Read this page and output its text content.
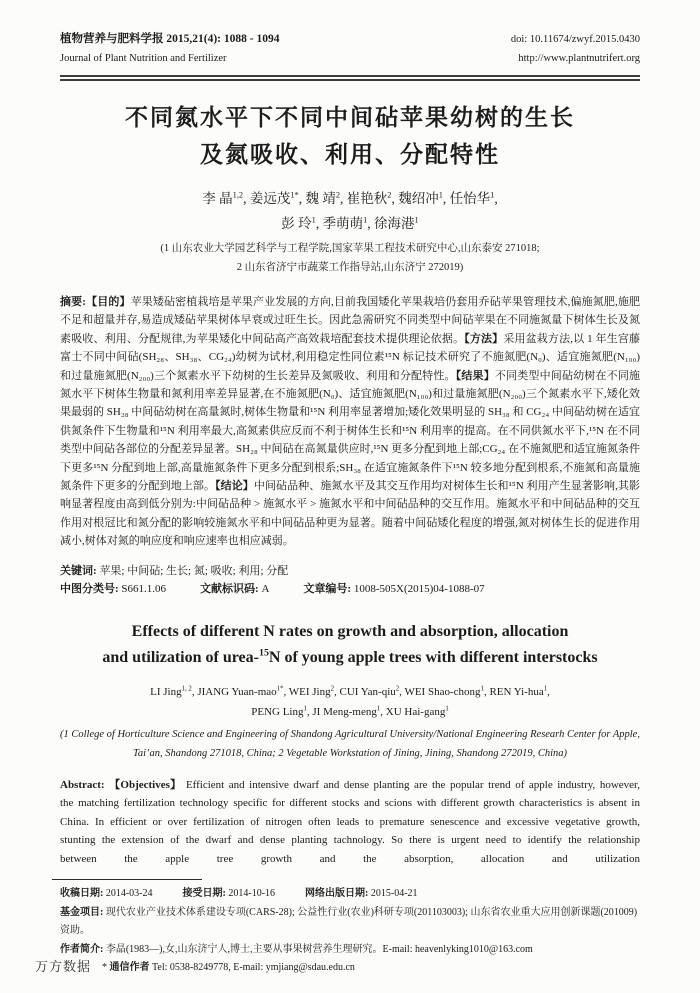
植物营养与肥料学报 2015,21(4): 1088 - 1094
Journal of Plant Nutrition and Fertilizer
doi: 10.11674/zwyf.2015.0430
http://www.plantnutrifert.org
不同氮水平下不同中间砧苹果幼树的生长
及氮吸收、利用、分配特性
李 晶$^{1,2}$, 姜远茂$^{1*}$, 魏 靖$^2$, 崔艳秋$^2$, 魏绍冲$^1$, 任怡华$^1$,
彭 玲$^1$, 季萌萌$^1$, 徐海港$^1$
(1 山东农业大学园艺科学与工程学院,国家苹果工程技术研究中心,山东泰安 271018;
2 山东省济宁市蔬菜工作指导站,山东济宁 272019)

摘要:【目的】苹果矮砧密植栽培是苹果产业发展的方向,目前我国矮化苹果栽培仍套用乔砧苹果管理技术,偏施氮肥,施肥不足和超量并存,易造成矮砧苹果树体早衰或过旺生长。因此急需研究不同类型中间砧苹果在不同施氮量下树体生长及氮素吸收、利用、分配规律,为苹果矮化中间砧高产高效栽培配套技术提供理论依据。【方法】采用盆栽方法,以 1 年生宫藤富士不同中间砧(SH₂₈、SH₃₈、CG₂₄)幼树为试材,利用稳定性同位素¹⁵N 标记技术研究了不施氮肥(N₀)、适宜施氮肥(N₁₀₀)和过量施氮肥(N₂₀₀)三个氮素水平下幼树的生长差异及氮吸收、利用和分配特性。【结果】不同类型中间砧幼树在不同施氮水平下树体生物量和氮利用率差异显著,在不施氮肥(N₀)、适宜施氮肥(N₁₀₀)和过量施氮肥(N₂₀₀)三个氮素水平下,矮化效果最弱的 SH₂₈ 中间砧幼树在高量氮时,树体生物量和¹⁵N 利用率显著增加;矮化效果明显的 SH₃₈ 和 CG₂₄ 中间砧幼树在适宜供氮条件下生物量和¹⁵N 利用率最大,高氮素供应反而不利于树体生长和¹⁵N 利用率的提高。在不同供氮水平下,¹⁵N 在不同类型中间砧各部位的分配差异显著。SH₂₈ 中间砧在高氮量供应时,¹⁵N 更多分配到地上部;CG₂₄ 在不施氮肥和适宜施氮条件下更多¹⁵N 分配到地上部,高量施氮条件下更多分配到根系;SH₃₈ 在适宜施氮条件下¹⁵N 较多地分配到根系,不施氮和高量施氮条件下更多的分配到地上部。【结论】中间砧品种、施氮水平及其交互作用均对树体生长和¹⁵N 利用产生显著影响,其影响显著程度由高到低分别为:中间砧品种 > 施氮水平 > 施氮水平和中间砧品种的交互作用。施氮水平和中间砧品种的交互作用对根冠比和氮分配的影响较施氮水平和中间砧品种更为显著。随着中间砧矮化程度的增强,氮对树体生长的促进作用减小,树体对氮的响应度和响应速率也相应减弱。

关键词: 苹果; 中间砧; 生长; 氮; 吸收; 利用; 分配
中图分类号: S661.1.06	文献标识码: A	文章编号: 1008-505X(2015)04-1088-07
Effects of different N rates on growth and absorption, allocation
and utilization of urea-$^{15}$N of young apple trees with different interstocks
LI Jing$^{1, 2}$, JIANG Yuan-mao$^{1*}$, WEI Jing$^2$, CUI Yan-qiu$^2$, WEI Shao-chong$^1$, REN Yi-hua$^1$,
PENG Ling$^1$, JI Meng-meng$^1$, XU Hai-gang$^1$
(1 College of Horticulture Science and Engineering of Shandong Agricultural University/National Engineering Researh Center for Apple,
Tai’an, Shandong 271018, China; 2 Vegetable Workstation of Jining, Jining, Shandong 272019, China)

Abstract: 【Objectives】 Efficient and intensive dwarf and dense planting are the popular trend of apple industry, however, the matching fertilization technology specific for different stocks and scions with different growth characteristics is absent in China. In efficient or over fertilization of nitrogen often leads to premature senescence and excessive vegetative growth, stunting the extension of the dwarf and dense planting tachnology. So there is urgent need to identify the relationship between the apple tree growth and the absorption, allocation and utilization

收稿日期: 2014-03-24	接受日期: 2014-10-16	网络出版日期: 2015-04-21
基金项目: 现代农业产业技术体系建设专项(CARS-28); 公益性行业(农业)科研专项(201103003); 山东省农业重大应用创新课题(201009) 资助。
作者简介: 李晶(1983—),女,山东济宁人,博士,主要从事果树营养生理研究。E-mail: heavenlyking1010@163.com
* 通信作者 Tel: 0538-8249778, E-mail: ymjiang@sdau.edu.cn
万方数据
